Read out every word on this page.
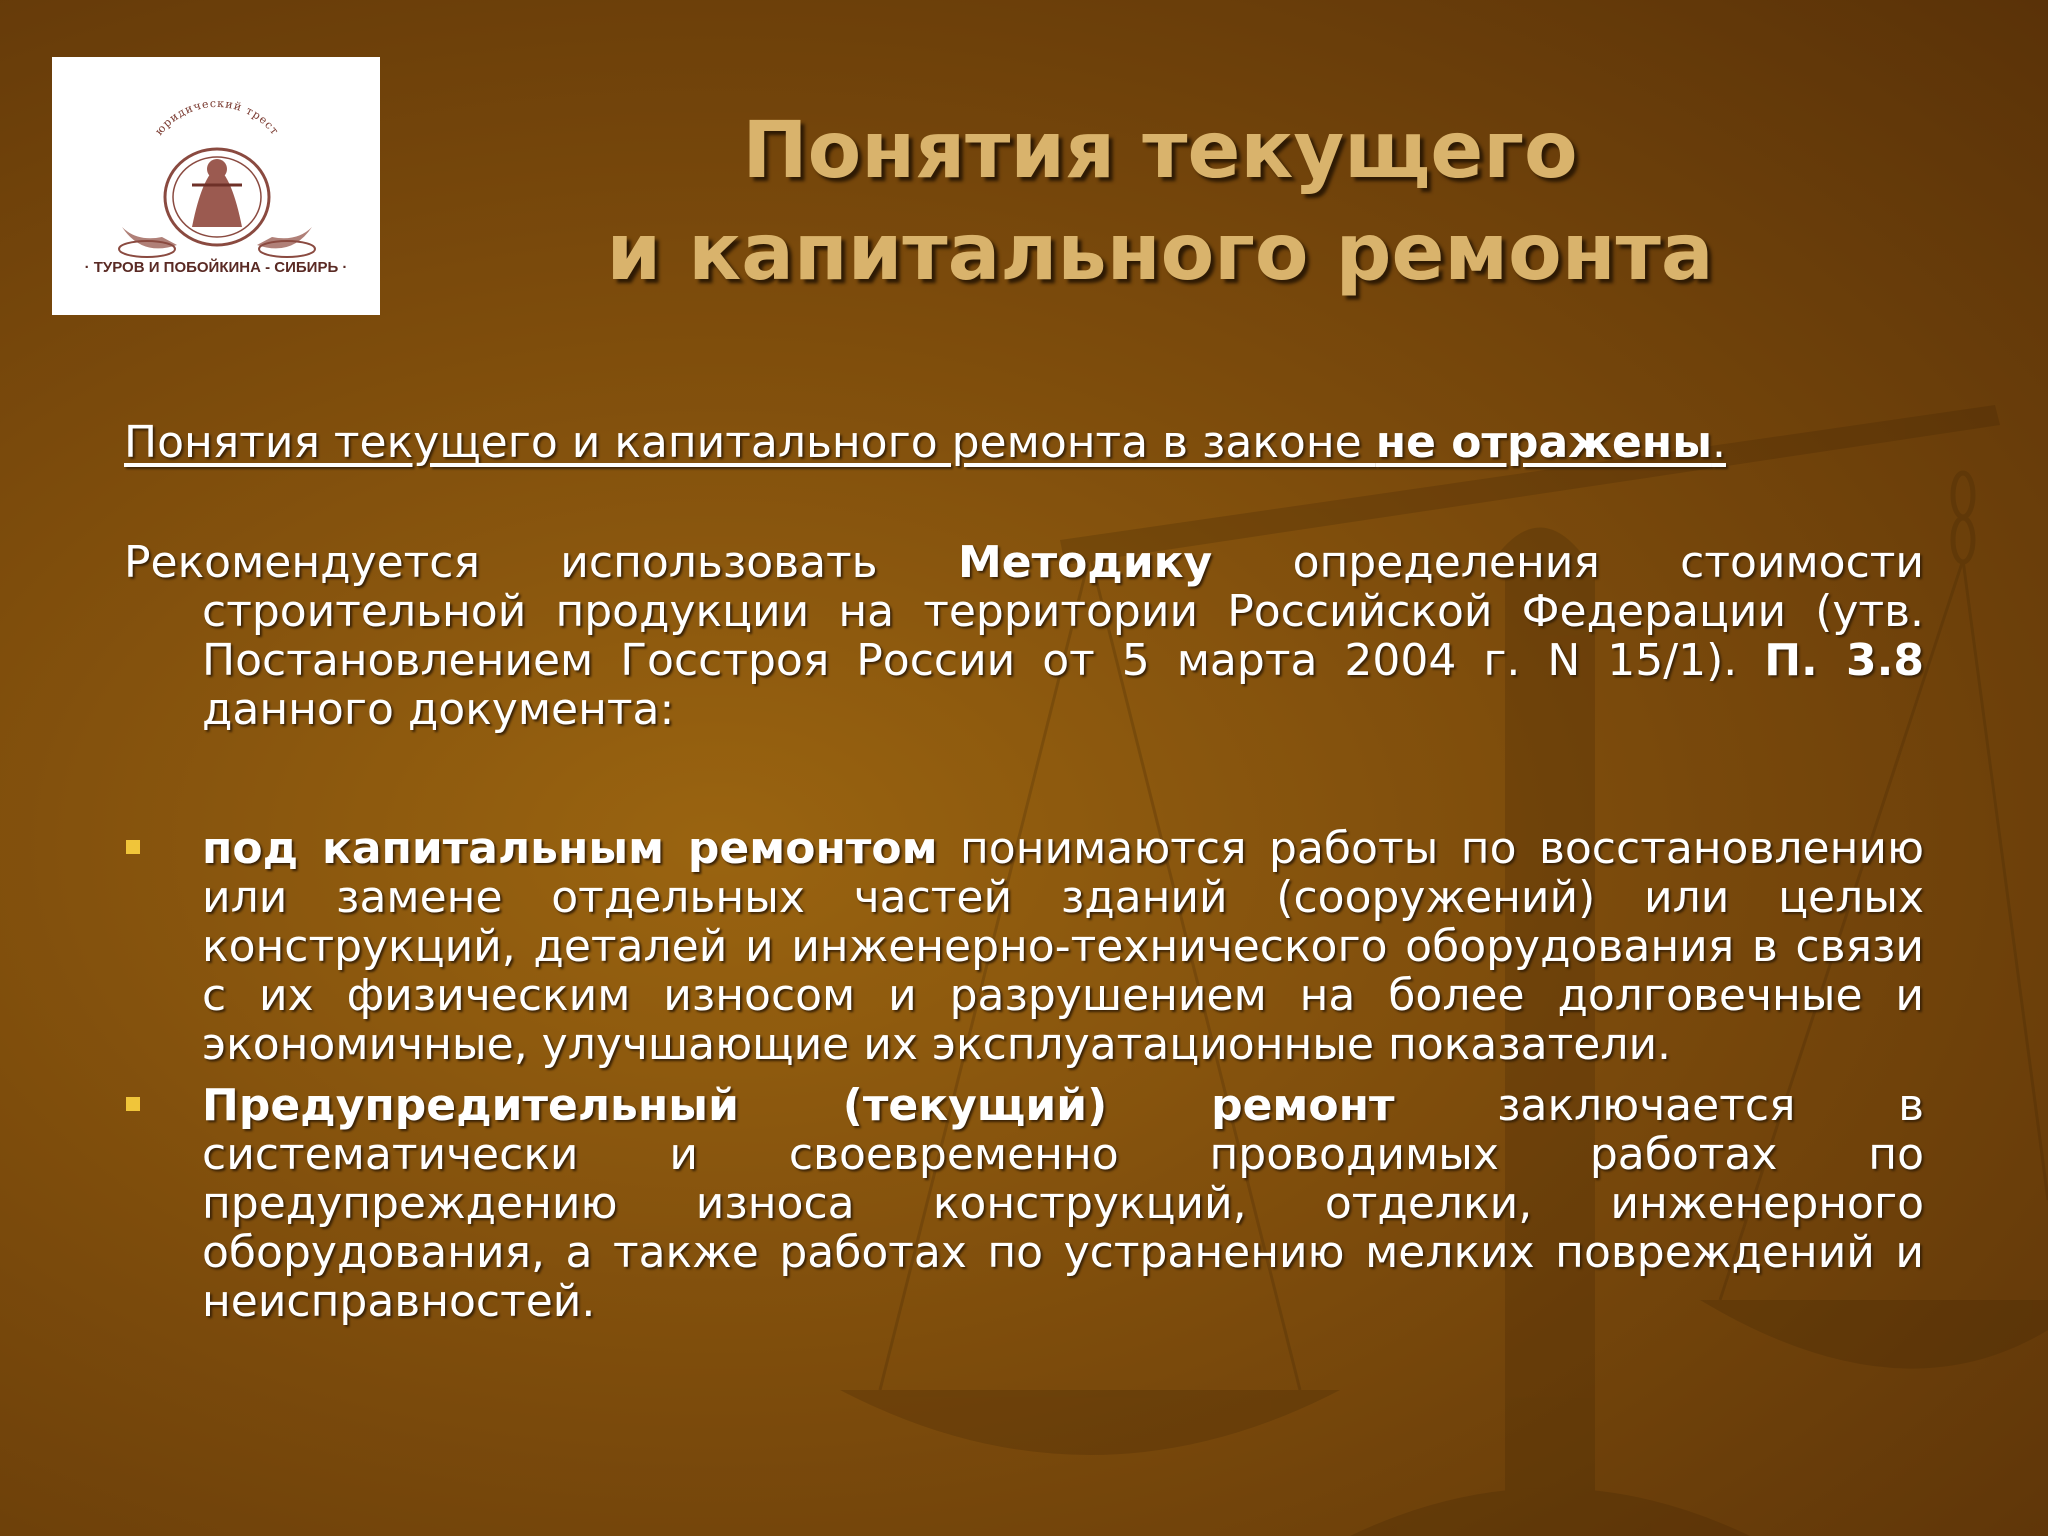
юридический трест
· ТУРОВ И ПОБОЙКИНА - СИБИРЬ ·
Понятия текущего
и капитального ремонта
Понятия текущего и капитального ремонта в законе не отражены.
Рекомендуется использовать Методику определения стоимости строительной продукции на территории Российской Федерации (утв. Постановлением Госстроя России от 5 марта 2004 г. N 15/1). П. 3.8 данного документа:
под капитальным ремонтом понимаются работы по восстановлению или замене отдельных частей зданий (сооружений) или целых конструкций, деталей и инженерно-технического оборудования в связи с их физическим износом и разрушением на более долговечные и экономичные, улучшающие их эксплуатационные показатели.
Предупредительный (текущий) ремонт заключается в систематически и своевременно проводимых работах по предупреждению износа конструкций, отделки, инженерного оборудования, а также работах по устранению мелких повреждений и неисправностей.
